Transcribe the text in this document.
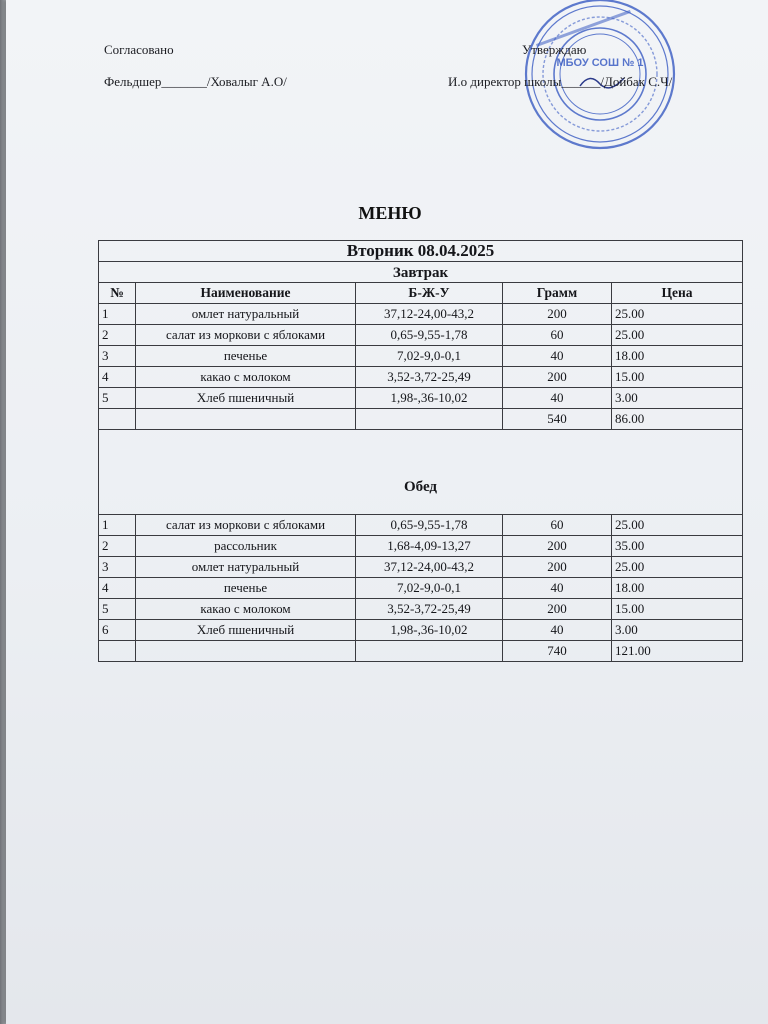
Согласовано
Фельдшер_______/Ховалыг А.О/
МБОУ СОШ № 1
Утверждаю
И.о директор школы______/Дойбак С.Ч/
МЕНЮ
Вторник 08.04.2025				
Завтрак				
№	Наименование	Б-Ж-У	Грамм	Цена
1	омлет натуральный	37,12-24,00-43,2	200	25.00
2	салат из моркови с яблоками	0,65-9,55-1,78	60	25.00
3	печенье	7,02-9,0-0,1	40	18.00
4	какао с молоком	3,52-3,72-25,49	200	15.00
5	Хлеб пшеничный	1,98-,36-10,02	40	3.00
			540	86.00
Обед				
1	салат из моркови с яблоками	0,65-9,55-1,78	60	25.00
2	рассольник	1,68-4,09-13,27	200	35.00
3	омлет натуральный	37,12-24,00-43,2	200	25.00
4	печенье	7,02-9,0-0,1	40	18.00
5	какао с молоком	3,52-3,72-25,49	200	15.00
6	Хлеб пшеничный	1,98-,36-10,02	40	3.00
			740	121.00
